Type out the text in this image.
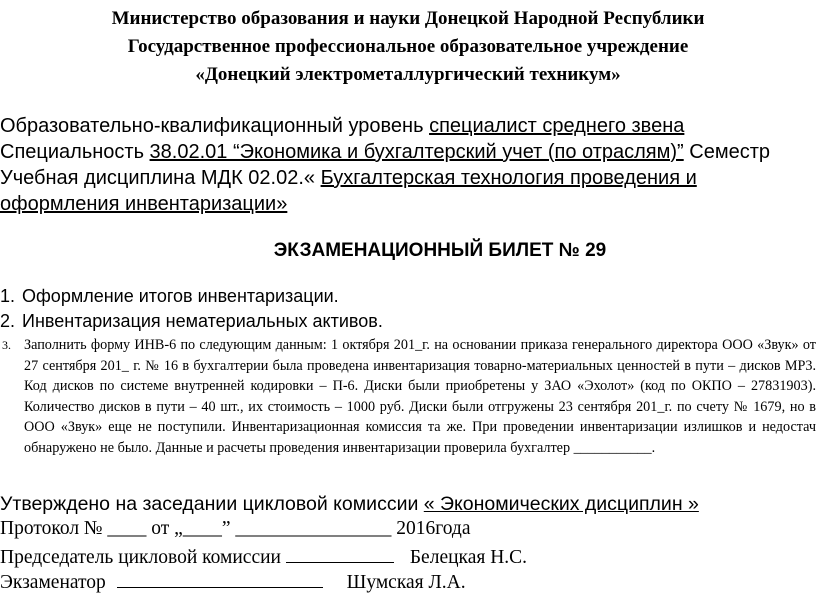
Министерство образования и науки Донецкой Народной Республики
Государственное профессиональное образовательное учреждение
«Донецкий электрометаллургический техникум»
Образовательно-квалификационный уровень специалист среднего звена
Специальность 38.02.01 “Экономика и бухгалтерский учет (по отраслям)” Семестр
Учебная дисциплина МДК 02.02.« Бухгалтерская технология проведения и
оформления инвентаризации»
ЭКЗАМЕНАЦИОННЫЙ БИЛЕТ № 29
1. Оформление итогов инвентаризации.
2. Инвентаризация нематериальных активов.
3. Заполнить форму ИНВ-6 по следующим данным: 1 октября 201_г. на основании приказа генерального директора ООО «Звук» от 27 сентября 201_ г. № 16 в бухгалтерии была проведена инвентаризация товарно-материальных ценностей в пути – дисков МР3. Код дисков по системе внутренней кодировки – П-6. Диски были приобретены у ЗАО «Эхолот» (код по ОКПО – 27831903). Количество дисков в пути – 40 шт., их стоимость – 1000 руб. Диски были отгружены 23 сентября 201_г. по счету № 1679, но в ООО «Звук» еще не поступили. Инвентаризационная комиссия та же. При проведении инвентаризации излишков и недостач обнаружено не было. Данные и расчеты проведения инвентаризации проверила бухгалтер ___________.
Утверждено на заседании цикловой комиссии « Экономических дисциплин »
Протокол № ____ от „____” ________________ 2016года
Председатель цикловой комиссии	Белецкая Н.С.
Экзаменатор	Шумская Л.А.
